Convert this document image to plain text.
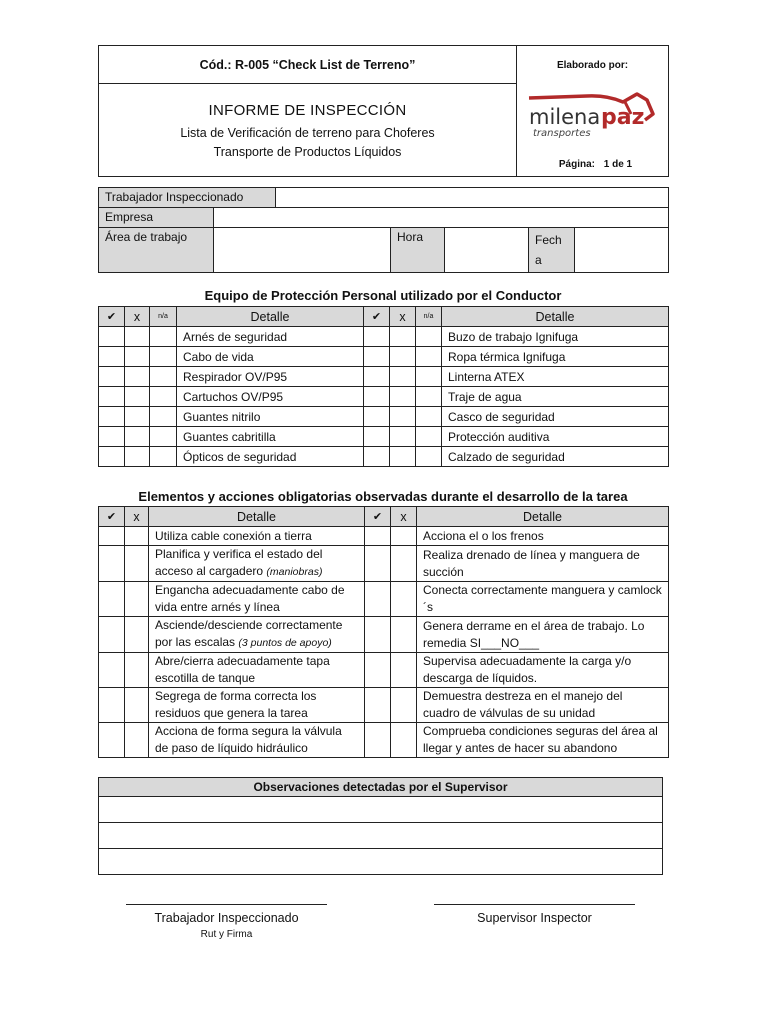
Cód.: R-005 “Check List de Terreno”	Elaborado por:
milena paz
transportes
Página: 1 de 1

INFORME DE INSPECCIÓN
Lista de Verificación de terreno para Choferes
Transporte de Productos Líquidos
Trabajador Inspeccionado						
Empresa						
Área de trabajo			Hora		Fech a	
Equipo de Protección Personal utilizado por el Conductor
✔	x	n/a	Detalle	✔	x	n/a	Detalle
			Arnés de seguridad				Buzo de trabajo Ignifuga
			Cabo de vida				Ropa térmica Ignifuga
			Respirador OV/P95				Linterna ATEX
			Cartuchos OV/P95				Traje de agua
			Guantes nitrilo				Casco de seguridad
			Guantes cabritilla				Protección auditiva
			Ópticos de seguridad				Calzado de seguridad
Elementos y acciones obligatorias observadas durante el desarrollo de la tarea
✔	x	Detalle	✔	x	Detalle
		Utiliza cable conexión a tierra			Acciona el o los frenos
		Planifica y verifica el estado del acceso al cargadero (maniobras)			Realiza drenado de línea y manguera de succión
		Engancha adecuadamente cabo de vida entre arnés y línea			Conecta correctamente manguera y camlock´s
		Asciende/desciende correctamente por las escalas (3 puntos de apoyo)			Genera derrame en el área de trabajo. Lo remedia SI___NO___
		Abre/cierra adecuadamente tapa escotilla de tanque			Supervisa adecuadamente la carga y/o descarga de líquidos.
		Segrega de forma correcta los residuos que genera la tarea			Demuestra destreza en el manejo del cuadro de válvulas de su unidad
		Acciona de forma segura la válvula de paso de líquido hidráulico			Comprueba condiciones seguras del área al llegar y antes de hacer su abandono
Observaciones detectadas por el Supervisor

Trabajador Inspeccionado
Rut y Firma
Supervisor Inspector
